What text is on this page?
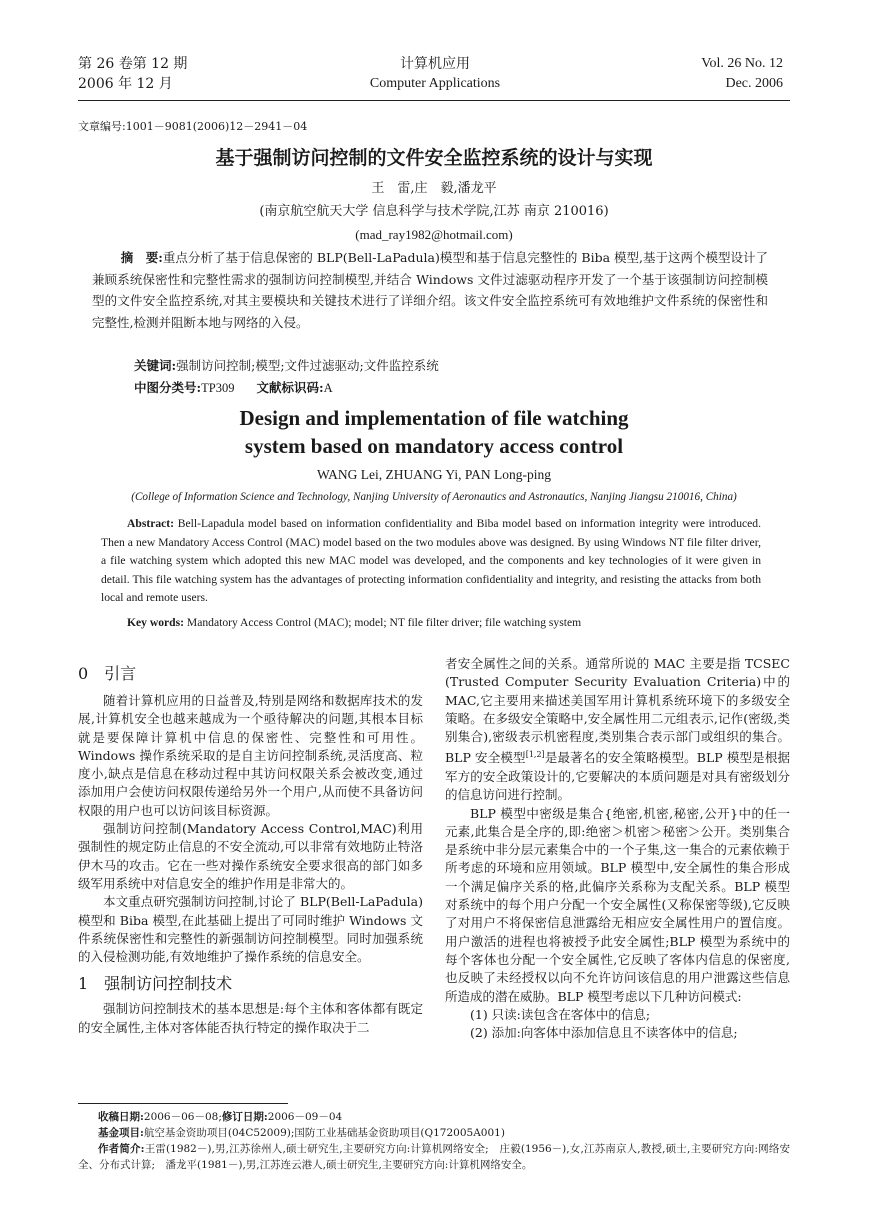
第 26 卷第 12 期
2006 年 12 月
计算机应用
Computer Applications
Vol. 26 No. 12
Dec. 2006
文章编号:1001－9081(2006)12－2941－04
基于强制访问控制的文件安全监控系统的设计与实现
王　雷,庄　毅,潘龙平
(南京航空航天大学 信息科学与技术学院,江苏 南京 210016)
(mad_ray1982@hotmail.com)
摘　要:重点分析了基于信息保密的 BLP(Bell-LaPadula)模型和基于信息完整性的 Biba 模型,基于这两个模型设计了兼顾系统保密性和完整性需求的强制访问控制模型,并结合 Windows 文件过滤驱动程序开发了一个基于该强制访问控制模型的文件安全监控系统,对其主要模块和关键技术进行了详细介绍。该文件安全监控系统可有效地维护文件系统的保密性和完整性,检测并阻断本地与网络的入侵。
关键词:强制访问控制;模型;文件过滤驱动;文件监控系统
中图分类号:TP309 文献标识码:A
Design and implementation of file watching
system based on mandatory access control
WANG Lei, ZHUANG Yi, PAN Long-ping
(College of Information Science and Technology, Nanjing University of Aeronautics and Astronautics, Nanjing Jiangsu 210016, China)
Abstract: Bell-Lapadula model based on information confidentiality and Biba model based on information integrity were introduced. Then a new Mandatory Access Control (MAC) model based on the two modules above was designed. By using Windows NT file filter driver, a file watching system which adopted this new MAC model was developed, and the components and key technologies of it were given in detail. This file watching system has the advantages of protecting information confidentiality and integrity, and resisting the attacks from both local and remote users.
Key words: Mandatory Access Control (MAC); model; NT file filter driver; file watching system
0　引言

随着计算机应用的日益普及,特别是网络和数据库技术的发展,计算机安全也越来越成为一个亟待解决的问题,其根本目标就是要保障计算机中信息的保密性、完整性和可用性。Windows 操作系统采取的是自主访问控制系统,灵活度高、粒度小,缺点是信息在移动过程中其访问权限关系会被改变,通过添加用户会使访问权限传递给另外一个用户,从而使不具备访问权限的用户也可以访问该目标资源。

强制访问控制(Mandatory Access Control,MAC)利用强制性的规定防止信息的不安全流动,可以非常有效地防止特洛伊木马的攻击。它在一些对操作系统安全要求很高的部门如多级军用系统中对信息安全的维护作用是非常大的。

本文重点研究强制访问控制,讨论了 BLP(Bell-LaPadula)模型和 Biba 模型,在此基础上提出了可同时维护 Windows 文件系统保密性和完整性的新强制访问控制模型。同时加强系统的入侵检测功能,有效地维护了操作系统的信息安全。

1　强制访问控制技术

强制访问控制技术的基本思想是:每个主体和客体都有既定的安全属性,主体对客体能否执行特定的操作取决于二

者安全属性之间的关系。通常所说的 MAC 主要是指 TCSEC (Trusted Computer Security Evaluation Criteria)中的 MAC,它主要用来描述美国军用计算机系统环境下的多级安全策略。在多级安全策略中,安全属性用二元组表示,记作(密级,类别集合),密级表示机密程度,类别集合表示部门或组织的集合。BLP 安全模型[1,2]是最著名的安全策略模型。BLP 模型是根据军方的安全政策设计的,它要解决的本质问题是对具有密级划分的信息访问进行控制。

BLP 模型中密级是集合{绝密,机密,秘密,公开}中的任一元素,此集合是全序的,即:绝密＞机密＞秘密＞公开。类别集合是系统中非分层元素集合中的一个子集,这一集合的元素依赖于所考虑的环境和应用领域。BLP 模型中,安全属性的集合形成一个满足偏序关系的格,此偏序关系称为支配关系。BLP 模型对系统中的每个用户分配一个安全属性(又称保密等级),它反映了对用户不将保密信息泄露给无相应安全属性用户的置信度。用户激活的进程也将被授予此安全属性;BLP 模型为系统中的每个客体也分配一个安全属性,它反映了客体内信息的保密度,也反映了未经授权以向不允许访问该信息的用户泄露这些信息所造成的潜在威胁。BLP 模型考虑以下几种访问模式:

(1) 只读:读包含在客体中的信息;

(2) 添加:向客体中添加信息且不读客体中的信息;

收稿日期:2006－06－08;修订日期:2006－09－04

基金项目:航空基金资助项目(04C52009);国防工业基础基金资助项目(Q172005A001)

作者简介:王雷(1982－),男,江苏徐州人,硕士研究生,主要研究方向:计算机网络安全;　庄毅(1956－),女,江苏南京人,教授,硕士,主要研究方向:网络安全、分布式计算;　潘龙平(1981－),男,江苏连云港人,硕士研究生,主要研究方向:计算机网络安全。
